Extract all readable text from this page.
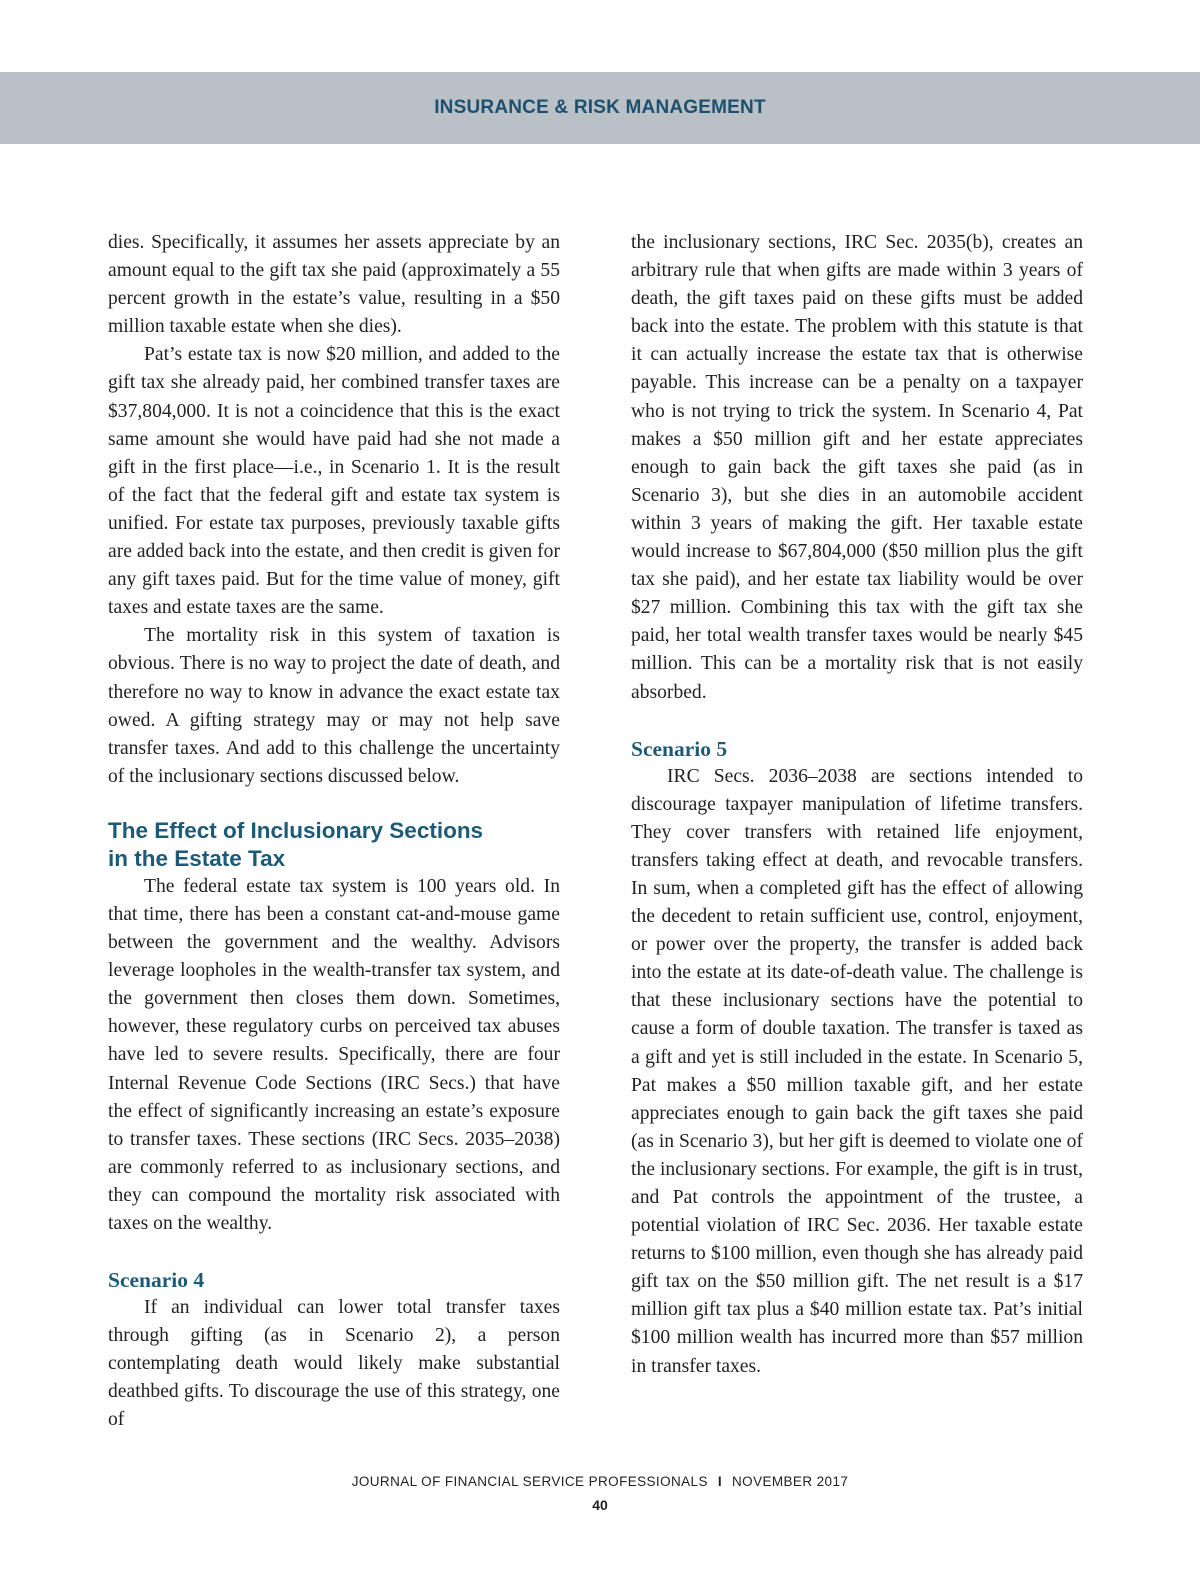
INSURANCE & RISK MANAGEMENT

dies. Specifically, it assumes her assets appreciate by an amount equal to the gift tax she paid (approximately a 55 percent growth in the estate’s value, resulting in a $50 million taxable estate when she dies).

Pat’s estate tax is now $20 million, and added to the gift tax she already paid, her combined transfer taxes are $37,804,000. It is not a coincidence that this is the exact same amount she would have paid had she not made a gift in the first place—i.e., in Scenario 1. It is the result of the fact that the federal gift and estate tax system is unified. For estate tax purposes, previously taxable gifts are added back into the estate, and then credit is given for any gift taxes paid. But for the time value of money, gift taxes and estate taxes are the same.

The mortality risk in this system of taxation is obvious. There is no way to project the date of death, and therefore no way to know in advance the exact estate tax owed. A gifting strategy may or may not help save transfer taxes. And add to this challenge the uncertainty of the inclusionary sections discussed below.

The Effect of Inclusionary Sections
in the Estate Tax

The federal estate tax system is 100 years old. In that time, there has been a constant cat-and-mouse game between the government and the wealthy. Advisors leverage loopholes in the wealth-transfer tax system, and the government then closes them down. Sometimes, however, these regulatory curbs on perceived tax abuses have led to severe results. Specifically, there are four Internal Revenue Code Sections (IRC Secs.) that have the effect of significantly increasing an estate’s exposure to transfer taxes. These sections (IRC Secs. 2035–2038) are commonly referred to as inclusionary sections, and they can compound the mortality risk associated with taxes on the wealthy.

Scenario 4

If an individual can lower total transfer taxes through gifting (as in Scenario 2), a person contemplating death would likely make substantial deathbed gifts. To discourage the use of this strategy, one of

the inclusionary sections, IRC Sec. 2035(b), creates an arbitrary rule that when gifts are made within 3 years of death, the gift taxes paid on these gifts must be added back into the estate. The problem with this statute is that it can actually increase the estate tax that is otherwise payable. This increase can be a penalty on a taxpayer who is not trying to trick the system. In Scenario 4, Pat makes a $50 million gift and her estate appreciates enough to gain back the gift taxes she paid (as in Scenario 3), but she dies in an automobile accident within 3 years of making the gift. Her taxable estate would increase to $67,804,000 ($50 million plus the gift tax she paid), and her estate tax liability would be over $27 million. Combining this tax with the gift tax she paid, her total wealth transfer taxes would be nearly $45 million. This can be a mortality risk that is not easily absorbed.

Scenario 5

IRC Secs. 2036–2038 are sections intended to discourage taxpayer manipulation of lifetime transfers. They cover transfers with retained life enjoyment, transfers taking effect at death, and revocable transfers. In sum, when a completed gift has the effect of allowing the decedent to retain sufficient use, control, enjoyment, or power over the property, the transfer is added back into the estate at its date-of-death value. The challenge is that these inclusionary sections have the potential to cause a form of double taxation. The transfer is taxed as a gift and yet is still included in the estate. In Scenario 5, Pat makes a $50 million taxable gift, and her estate appreciates enough to gain back the gift taxes she paid (as in Scenario 3), but her gift is deemed to violate one of the inclusionary sections. For example, the gift is in trust, and Pat controls the appointment of the trustee, a potential violation of IRC Sec. 2036. Her taxable estate returns to $100 million, even though she has already paid gift tax on the $50 million gift. The net result is a $17 million gift tax plus a $40 million estate tax. Pat’s initial $100 million wealth has incurred more than $57 million in transfer taxes.

JOURNAL OF FINANCIAL SERVICE PROFESSIONALS I NOVEMBER 2017
40
